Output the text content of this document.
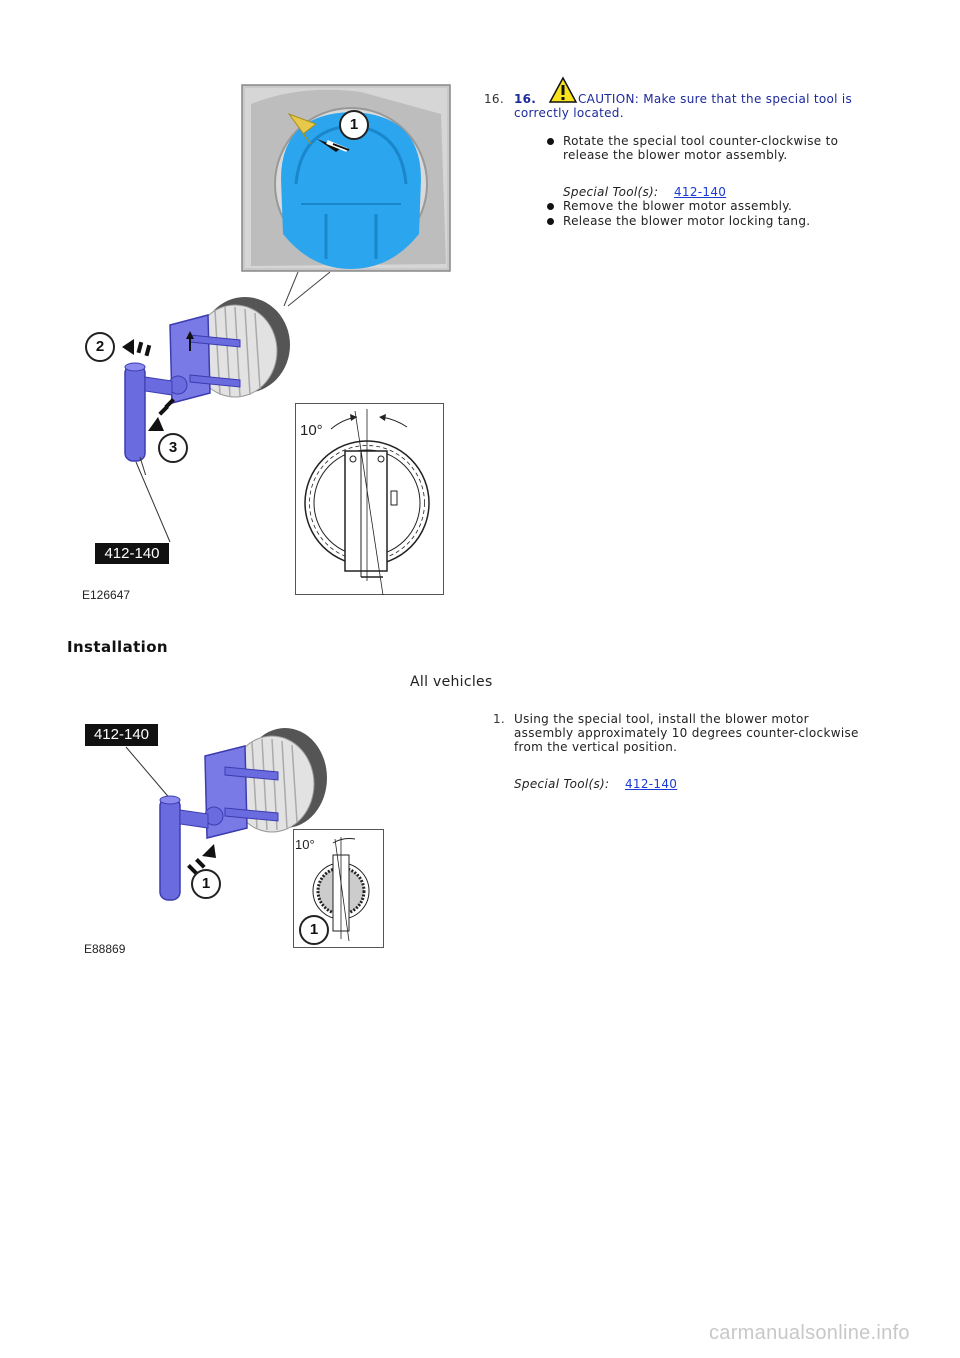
1
2
3
412-140
10°
E126647
16. 16.	CAUTION: Make sure that the special tool is
correctly located.
Rotate the special tool counter-clockwise to
release the blower motor assembly.
Special Tool(s): 412-140
Remove the blower motor assembly.
Release the blower motor locking tang.
Installation
All vehicles
412-140
1
10°
1
E88869
1. Using the special tool, install the blower motor
assembly approximately 10 degrees counter-clockwise
from the vertical position.
Special Tool(s): 412-140
carmanualsonline.info
